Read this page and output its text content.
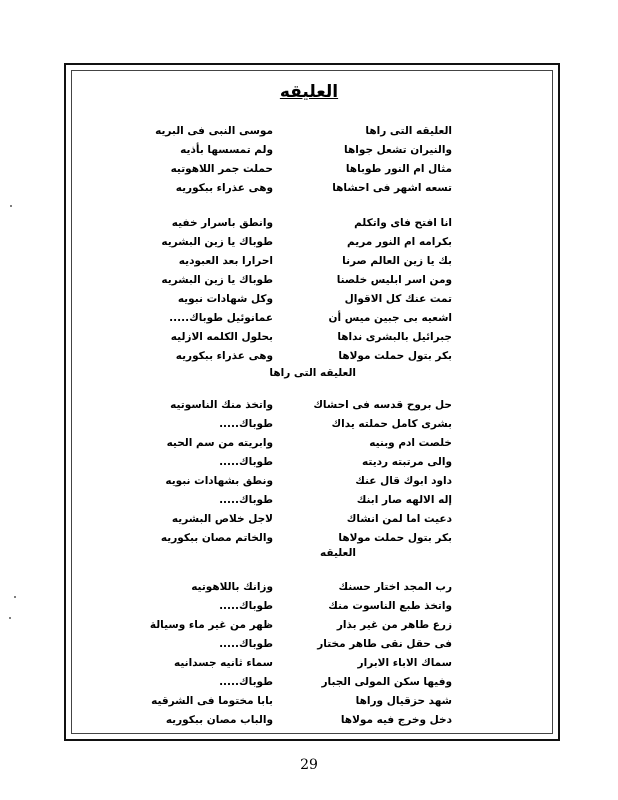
العليقه
العليقه التى راها
موسى النبى فى البريه
والنيران تشعل جواها
ولم تمسسها بأذيه
مثال ام النور طوباها
حملت جمر اللاهوتيه
تسعه اشهر فى احشاها
وهى عذراء ببكوريه
انا افتح فاى واتكلم
وانطق باسرار خفيه
بكرامه ام النور مريم
طوباك يا زين البشريه
بك يا زين العالم صرنا
احرارا بعد العبوديه
ومن اسر ابليس خلصنا
طوباك يا زين البشريه
تمت عنك كل الاقوال
وكل شهادات نبويه
اشعيه بى جبين ميس أن
عمانوئيل طوباك.....
جبرائيل بالبشرى نداها
بحلول الكلمه الازليه
بكر بتول حملت مولاها
وهى عذراء ببكوريه
العليقه التى راها
حل بروح قدسه فى احشاك
واتخذ منك الناسوتيه
بشرى كامل حملته يداك
طوباك.....
خلصت ادم وبنيه
وابريته من سم الحيه
والى مرتبته رديته
طوباك.....
داود ابوك قال عنك
ونطق بشهادات نبويه
إله الالهه صار ابنك
طوباك.....
دعيت اما لمن انشاك
لاجل خلاص البشريه
بكر بتول حملت مولاها
والخاتم مصان ببكوريه
العليقه
رب المجد اختار حسنك
وزانك باللاهوتيه
واتخذ طبع الناسوت منك
طوباك.....
زرع طاهر من غير بذار
ظهر من غير ماء وسيالة
فى حقل نقى طاهر مختار
طوباك.....
سماك الاباء الابرار
سماء ثانيه جسدانيه
وفيها سكن المولى الجبار
طوباك.....
شهد حزقيال وراها
بابا مختوما فى الشرقيه
دخل وخرج فيه مولاها
والباب مصان ببكوريه
29
